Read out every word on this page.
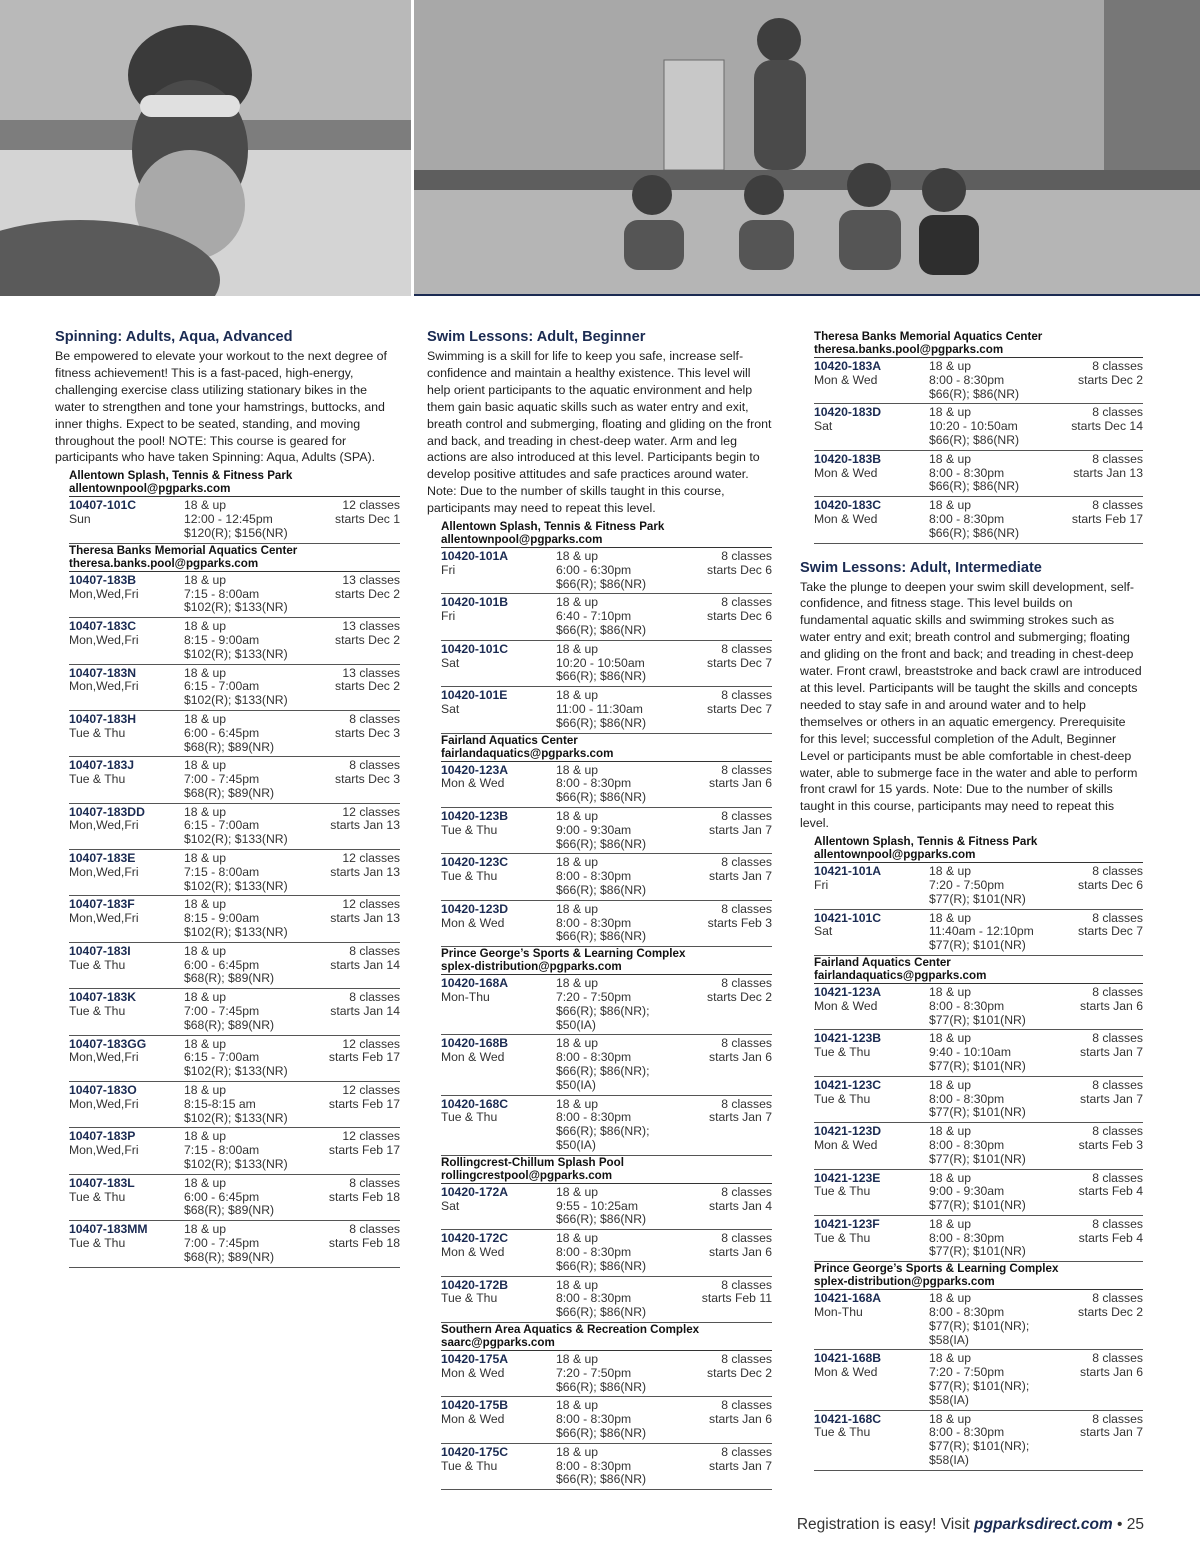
Spinning: Adults, Aqua, Advanced

Be empowered to elevate your workout to the next degree of fitness achievement! This is a fast-paced, high-energy, challenging exercise class utilizing stationary bikes in the water to strengthen and tone your hamstrings, buttocks, and inner thighs. Expect to be seated, standing, and moving throughout the pool! NOTE: This course is geared for participants who have taken Spinning: Aqua, Adults (SPA).

Allentown Splash, Tennis & Fitness Park
allentownpool@pgparks.com
10407-101C
Sun
18 & up
12:00 - 12:45pm
$120(R); $156(NR)
12 classes
starts Dec 1
Theresa Banks Memorial Aquatics Center
theresa.banks.pool@pgparks.com
10407-183B
Mon,Wed,Fri
18 & up
7:15 - 8:00am
$102(R); $133(NR)
13 classes
starts Dec 2
10407-183C
Mon,Wed,Fri
18 & up
8:15 - 9:00am
$102(R); $133(NR)
13 classes
starts Dec 2
10407-183N
Mon,Wed,Fri
18 & up
6:15 - 7:00am
$102(R); $133(NR)
13 classes
starts Dec 2
10407-183H
Tue & Thu
18 & up
6:00 - 6:45pm
$68(R); $89(NR)
8 classes
starts Dec 3
10407-183J
Tue & Thu
18 & up
7:00 - 7:45pm
$68(R); $89(NR)
8 classes
starts Dec 3
10407-183DD
Mon,Wed,Fri
18 & up
6:15 - 7:00am
$102(R); $133(NR)
12 classes
starts Jan 13
10407-183E
Mon,Wed,Fri
18 & up
7:15 - 8:00am
$102(R); $133(NR)
12 classes
starts Jan 13
10407-183F
Mon,Wed,Fri
18 & up
8:15 - 9:00am
$102(R); $133(NR)
12 classes
starts Jan 13
10407-183I
Tue & Thu
18 & up
6:00 - 6:45pm
$68(R); $89(NR)
8 classes
starts Jan 14
10407-183K
Tue & Thu
18 & up
7:00 - 7:45pm
$68(R); $89(NR)
8 classes
starts Jan 14
10407-183GG
Mon,Wed,Fri
18 & up
6:15 - 7:00am
$102(R); $133(NR)
12 classes
starts Feb 17
10407-183O
Mon,Wed,Fri
18 & up
8:15-8:15 am
$102(R); $133(NR)
12 classes
starts Feb 17
10407-183P
Mon,Wed,Fri
18 & up
7:15 - 8:00am
$102(R); $133(NR)
12 classes
starts Feb 17
10407-183L
Tue & Thu
18 & up
6:00 - 6:45pm
$68(R); $89(NR)
8 classes
starts Feb 18
10407-183MM
Tue & Thu
18 & up
7:00 - 7:45pm
$68(R); $89(NR)
8 classes
starts Feb 18
Swim Lessons: Adult, Beginner

Swimming is a skill for life to keep you safe, increase self-confidence and maintain a healthy existence. This level will help orient participants to the aquatic environment and help them gain basic aquatic skills such as water entry and exit, breath control and submerging, floating and gliding on the front and back, and treading in chest-deep water. Arm and leg actions are also introduced at this level. Participants begin to develop positive attitudes and safe practices around water. Note: Due to the number of skills taught in this course, participants may need to repeat this level.

Allentown Splash, Tennis & Fitness Park
allentownpool@pgparks.com
10420-101A
Fri
18 & up
6:00 - 6:30pm
$66(R); $86(NR)
8 classes
starts Dec 6
10420-101B
Fri
18 & up
6:40 - 7:10pm
$66(R); $86(NR)
8 classes
starts Dec 6
10420-101C
Sat
18 & up
10:20 - 10:50am
$66(R); $86(NR)
8 classes
starts Dec 7
10420-101E
Sat
18 & up
11:00 - 11:30am
$66(R); $86(NR)
8 classes
starts Dec 7
Fairland Aquatics Center
fairlandaquatics@pgparks.com
10420-123A
Mon & Wed
18 & up
8:00 - 8:30pm
$66(R); $86(NR)
8 classes
starts Jan 6
10420-123B
Tue & Thu
18 & up
9:00 - 9:30am
$66(R); $86(NR)
8 classes
starts Jan 7
10420-123C
Tue & Thu
18 & up
8:00 - 8:30pm
$66(R); $86(NR)
8 classes
starts Jan 7
10420-123D
Mon & Wed
18 & up
8:00 - 8:30pm
$66(R); $86(NR)
8 classes
starts Feb 3
Prince George’s Sports & Learning Complex
splex-distribution@pgparks.com
10420-168A
Mon-Thu
18 & up
7:20 - 7:50pm
$66(R); $86(NR); $50(IA)
8 classes
starts Dec 2
10420-168B
Mon & Wed
18 & up
8:00 - 8:30pm
$66(R); $86(NR); $50(IA)
8 classes
starts Jan 6
10420-168C
Tue & Thu
18 & up
8:00 - 8:30pm
$66(R); $86(NR); $50(IA)
8 classes
starts Jan 7
Rollingcrest-Chillum Splash Pool
rollingcrestpool@pgparks.com
10420-172A
Sat
18 & up
9:55 - 10:25am
$66(R); $86(NR)
8 classes
starts Jan 4
10420-172C
Mon & Wed
18 & up
8:00 - 8:30pm
$66(R); $86(NR)
8 classes
starts Jan 6
10420-172B
Tue & Thu
18 & up
8:00 - 8:30pm
$66(R); $86(NR)
8 classes
starts Feb 11
Southern Area Aquatics & Recreation Complex
saarc@pgparks.com
10420-175A
Mon & Wed
18 & up
7:20 - 7:50pm
$66(R); $86(NR)
8 classes
starts Dec 2
10420-175B
Mon & Wed
18 & up
8:00 - 8:30pm
$66(R); $86(NR)
8 classes
starts Jan 6
10420-175C
Tue & Thu
18 & up
8:00 - 8:30pm
$66(R); $86(NR)
8 classes
starts Jan 7
Theresa Banks Memorial Aquatics Center
theresa.banks.pool@pgparks.com
10420-183A
Mon & Wed
18 & up
8:00 - 8:30pm
$66(R); $86(NR)
8 classes
starts Dec 2
10420-183D
Sat
18 & up
10:20 - 10:50am
$66(R); $86(NR)
8 classes
starts Dec 14
10420-183B
Mon & Wed
18 & up
8:00 - 8:30pm
$66(R); $86(NR)
8 classes
starts Jan 13
10420-183C
Mon & Wed
18 & up
8:00 - 8:30pm
$66(R); $86(NR)
8 classes
starts Feb 17
Swim Lessons: Adult, Intermediate

Take the plunge to deepen your swim skill development, self-confidence, and fitness stage. This level builds on fundamental aquatic skills and swimming strokes such as water entry and exit; breath control and submerging; floating and gliding on the front and back; and treading in chest-deep water. Front crawl, breaststroke and back crawl are introduced at this level. Participants will be taught the skills and concepts needed to stay safe in and around water and to help themselves or others in an aquatic emergency. Prerequisite for this level; successful completion of the Adult, Beginner Level or participants must be able comfortable in chest-deep water, able to submerge face in the water and able to perform front crawl for 15 yards. Note: Due to the number of skills taught in this course, participants may need to repeat this level.

Allentown Splash, Tennis & Fitness Park
allentownpool@pgparks.com
10421-101A
Fri
18 & up
7:20 - 7:50pm
$77(R); $101(NR)
8 classes
starts Dec 6
10421-101C
Sat
18 & up
11:40am - 12:10pm
$77(R); $101(NR)
8 classes
starts Dec 7
Fairland Aquatics Center
fairlandaquatics@pgparks.com
10421-123A
Mon & Wed
18 & up
8:00 - 8:30pm
$77(R); $101(NR)
8 classes
starts Jan 6
10421-123B
Tue & Thu
18 & up
9:40 - 10:10am
$77(R); $101(NR)
8 classes
starts Jan 7
10421-123C
Tue & Thu
18 & up
8:00 - 8:30pm
$77(R); $101(NR)
8 classes
starts Jan 7
10421-123D
Mon & Wed
18 & up
8:00 - 8:30pm
$77(R); $101(NR)
8 classes
starts Feb 3
10421-123E
Tue & Thu
18 & up
9:00 - 9:30am
$77(R); $101(NR)
8 classes
starts Feb 4
10421-123F
Tue & Thu
18 & up
8:00 - 8:30pm
$77(R); $101(NR)
8 classes
starts Feb 4
Prince George’s Sports & Learning Complex
splex-distribution@pgparks.com
10421-168A
Mon-Thu
18 & up
8:00 - 8:30pm
$77(R); $101(NR); $58(IA)
8 classes
starts Dec 2
10421-168B
Mon & Wed
18 & up
7:20 - 7:50pm
$77(R); $101(NR); $58(IA)
8 classes
starts Jan 6
10421-168C
Tue & Thu
18 & up
8:00 - 8:30pm
$77(R); $101(NR); $58(IA)
8 classes
starts Jan 7
Registration is easy! Visit pgparksdirect.com • 25
